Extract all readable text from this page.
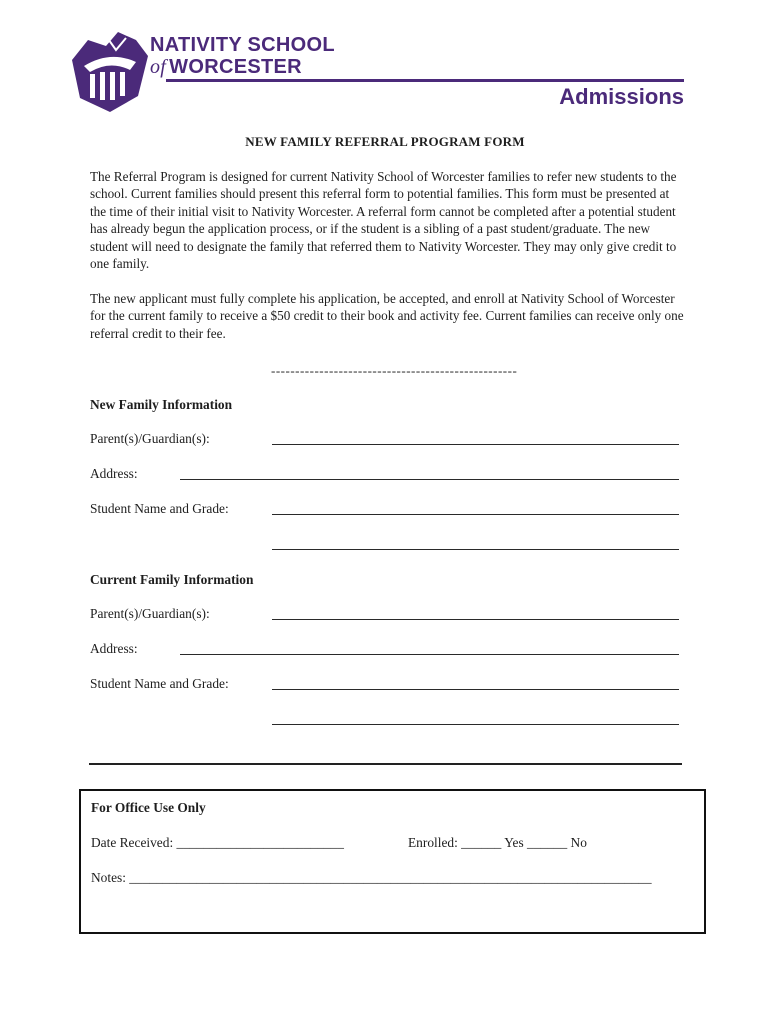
NATIVITY SCHOOL
of WORCESTER
Admissions
NEW FAMILY REFERRAL PROGRAM FORM
The Referral Program is designed for current Nativity School of Worcester families to refer new students to the school. Current families should present this referral form to potential families. This form must be presented at the time of their initial visit to Nativity Worcester. A referral form cannot be completed after a potential student has already begun the application process, or if the student is a sibling of a past student/graduate. The new student will need to designate the family that referred them to Nativity Worcester. They may only give credit to one family.
The new applicant must fully complete his application, be accepted, and enroll at Nativity School of Worcester for the current family to receive a $50 credit to their book and activity fee. Current families can receive only one referral credit to their fee.
---------------------------------------------------
New Family Information
Parent(s)/Guardian(s):
Address:
Student Name and Grade:
Current Family Information
Parent(s)/Guardian(s):
Address:
Student Name and Grade:
For Office Use Only
Date Received: _________________________	Enrolled: ______ Yes ______ No
Notes: ______________________________________________________________________________
